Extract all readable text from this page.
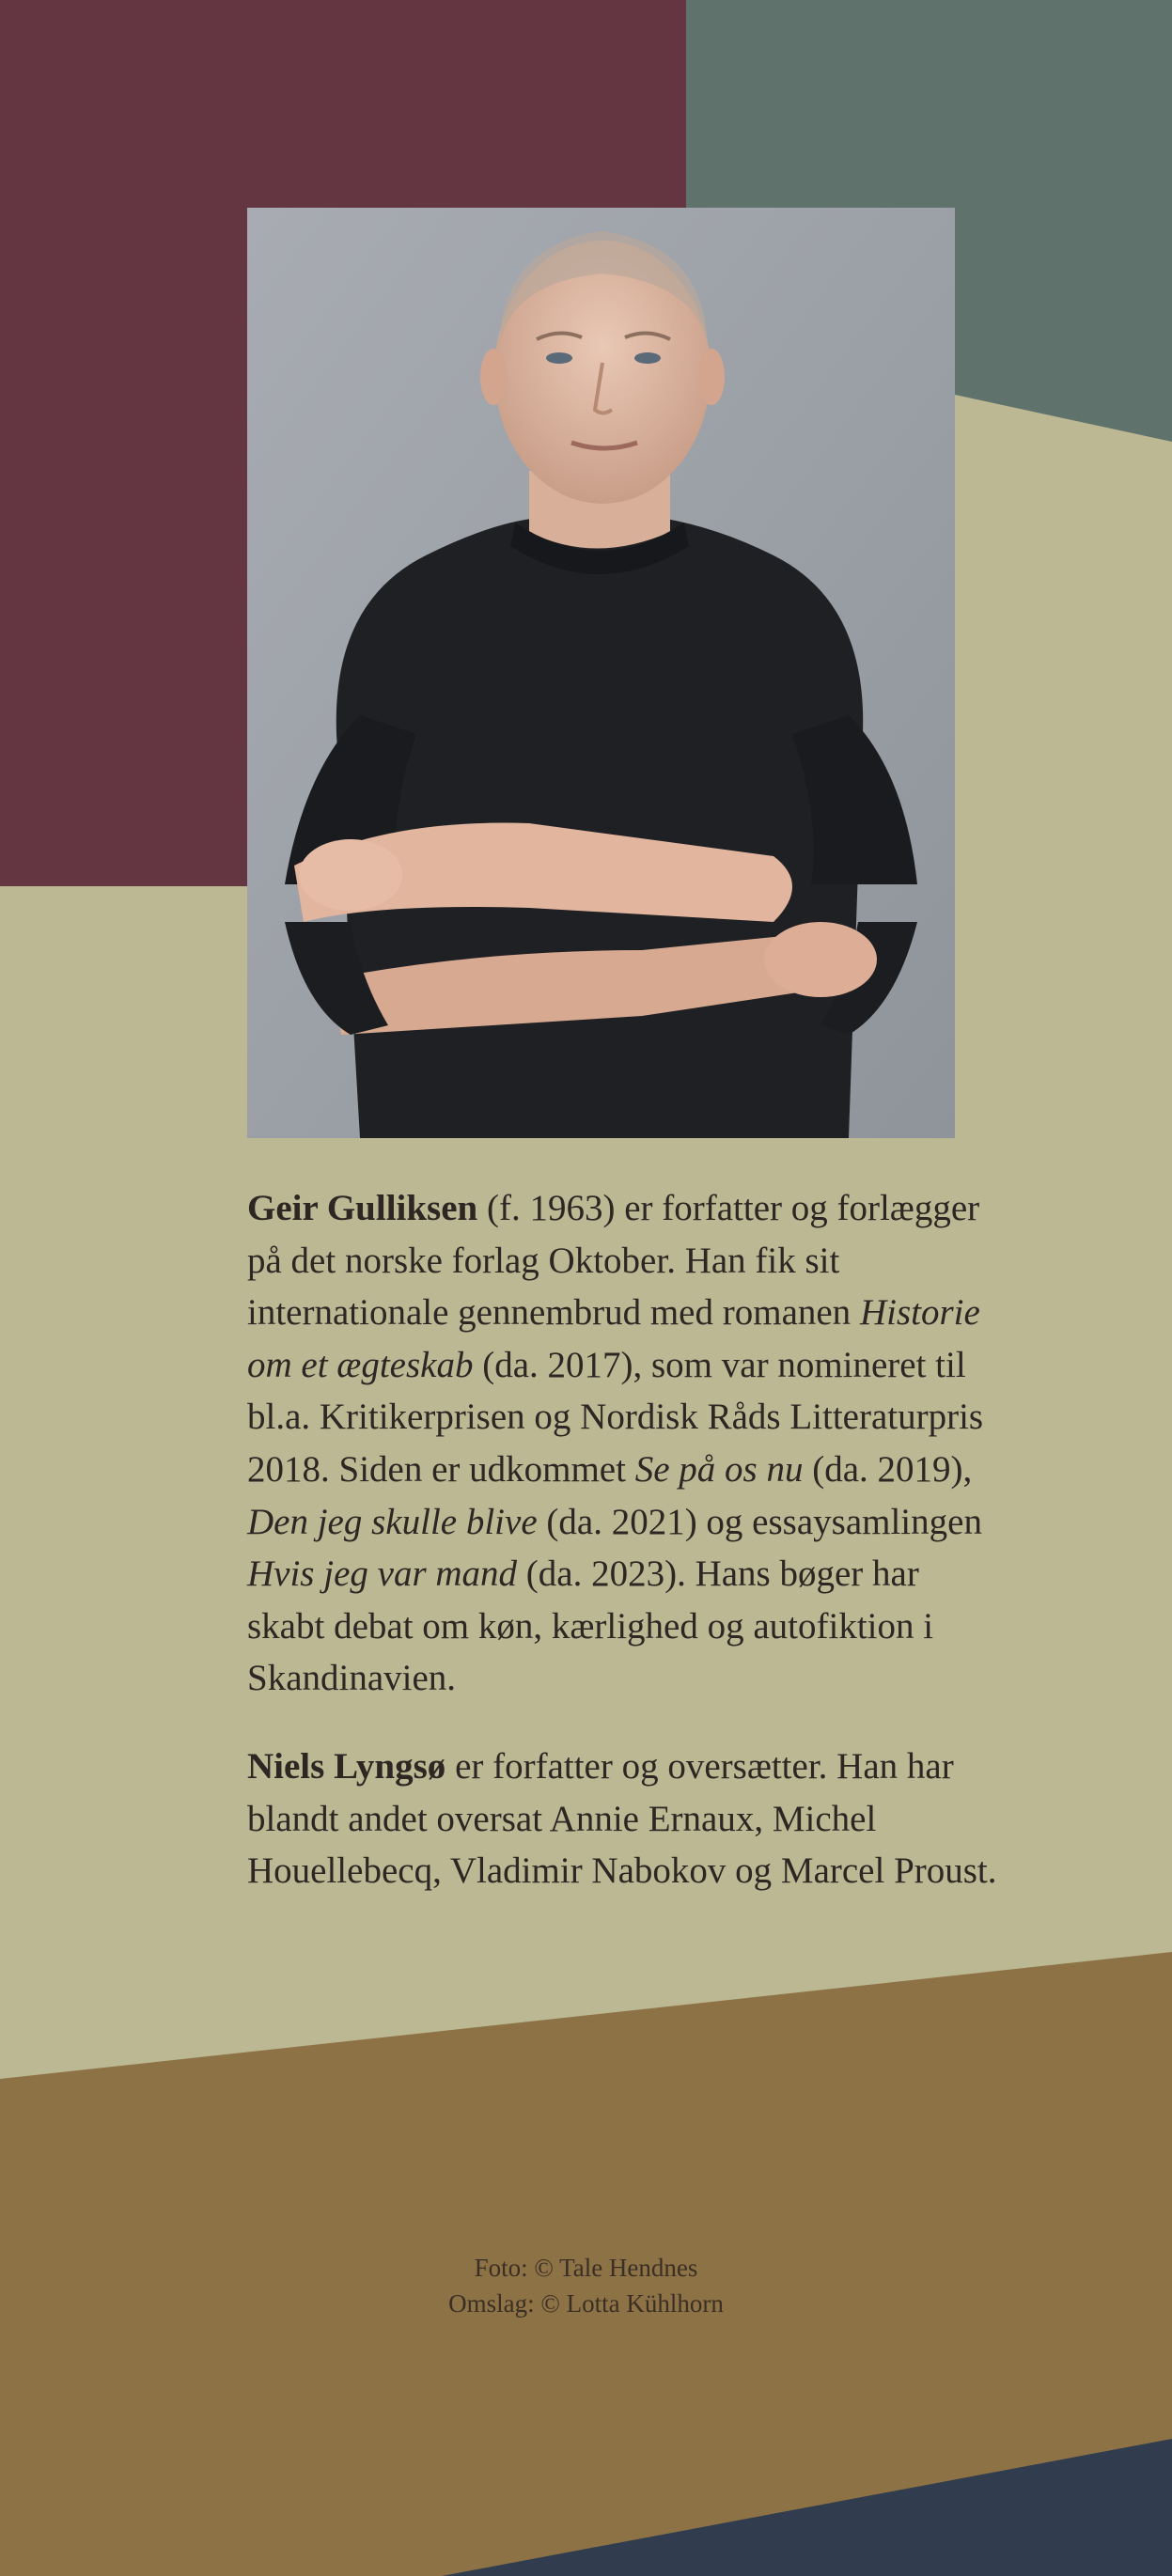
Geir Gulliksen (f. 1963) er forfatter og forlægger på det norske forlag Oktober. Han fik sit internationale gennembrud med romanen Historie om et ægteskab (da. 2017), som var nomineret til bl.a. Kritikerprisen og Nordisk Råds Litteraturpris 2018. Siden er udkommet Se på os nu (da. 2019), Den jeg skulle blive (da. 2021) og essaysamlingen Hvis jeg var mand (da. 2023). Hans bøger har skabt debat om køn, kærlighed og autofiktion i Skandinavien.

Niels Lyngsø er forfatter og oversætter. Han har blandt andet oversat Annie Ernaux, Michel Houellebecq, Vladimir Nabokov og Marcel Proust.

Foto: © Tale Hendnes
Omslag: © Lotta Kühlhorn
